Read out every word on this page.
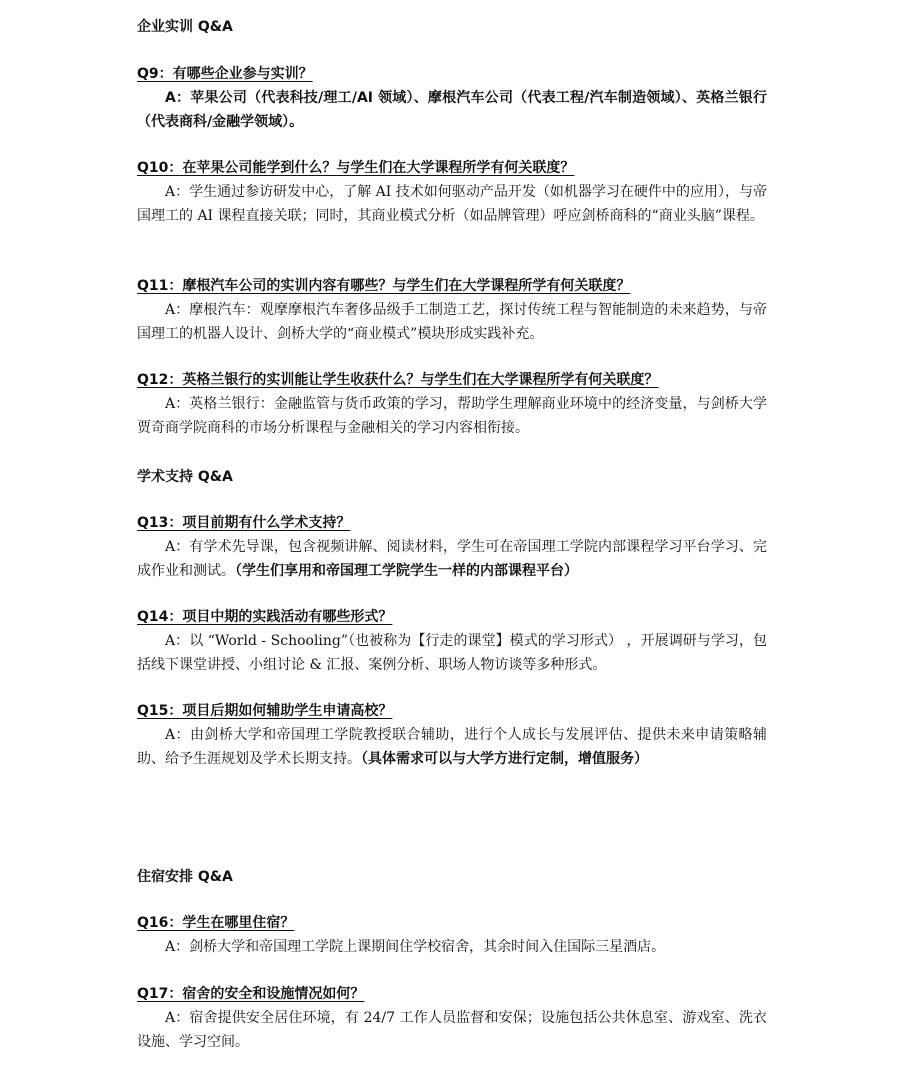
企业实训 Q&A
Q9：有哪些企业参与实训？
A：苹果公司（代表科技/理工/AI 领域）、摩根汽车公司（代表工程/汽车制造领域）、英格兰银行（代表商科/金融学领域）。
Q10：在苹果公司能学到什么？与学生们在大学课程所学有何关联度？
A：学生通过参访研发中心，了解 AI 技术如何驱动产品开发（如机器学习在硬件中的应用），与帝国理工的 AI 课程直接关联；同时，其商业模式分析（如品牌管理）呼应剑桥商科的“商业头脑”课程。
Q11：摩根汽车公司的实训内容有哪些？与学生们在大学课程所学有何关联度？
A：摩根汽车：观摩摩根汽车奢侈品级手工制造工艺，探讨传统工程与智能制造的未来趋势，与帝国理工的机器人设计、剑桥大学的“商业模式”模块形成实践补充。
Q12：英格兰银行的实训能让学生收获什么？与学生们在大学课程所学有何关联度？
A：英格兰银行：金融监管与货币政策的学习，帮助学生理解商业环境中的经济变量，与剑桥大学贾奇商学院商科的市场分析课程与金融相关的学习内容相衔接。
学术支持 Q&A
Q13：项目前期有什么学术支持？
A：有学术先导课，包含视频讲解、阅读材料，学生可在帝国理工学院内部课程学习平台学习、完成作业和测试。（学生们享用和帝国理工学院学生一样的内部课程平台）
Q14：项目中期的实践活动有哪些形式？
A：以 “World - Schooling”（也被称为【行走的课堂】模式的学习形式） ，开展调研与学习，包括线下课堂讲授、小组讨论 & 汇报、案例分析、职场人物访谈等多种形式。
Q15：项目后期如何辅助学生申请高校？
A：由剑桥大学和帝国理工学院教授联合辅助，进行个人成长与发展评估、提供未来申请策略辅助、给予生涯规划及学术长期支持。（具体需求可以与大学方进行定制，增值服务）
住宿安排 Q&A
Q16：学生在哪里住宿？
A：剑桥大学和帝国理工学院上课期间住学校宿舍，其余时间入住国际三星酒店。
Q17：宿舍的安全和设施情况如何？
A：宿舍提供安全居住环境，有 24/7 工作人员监督和安保；设施包括公共休息室、游戏室、洗衣设施、学习空间。
